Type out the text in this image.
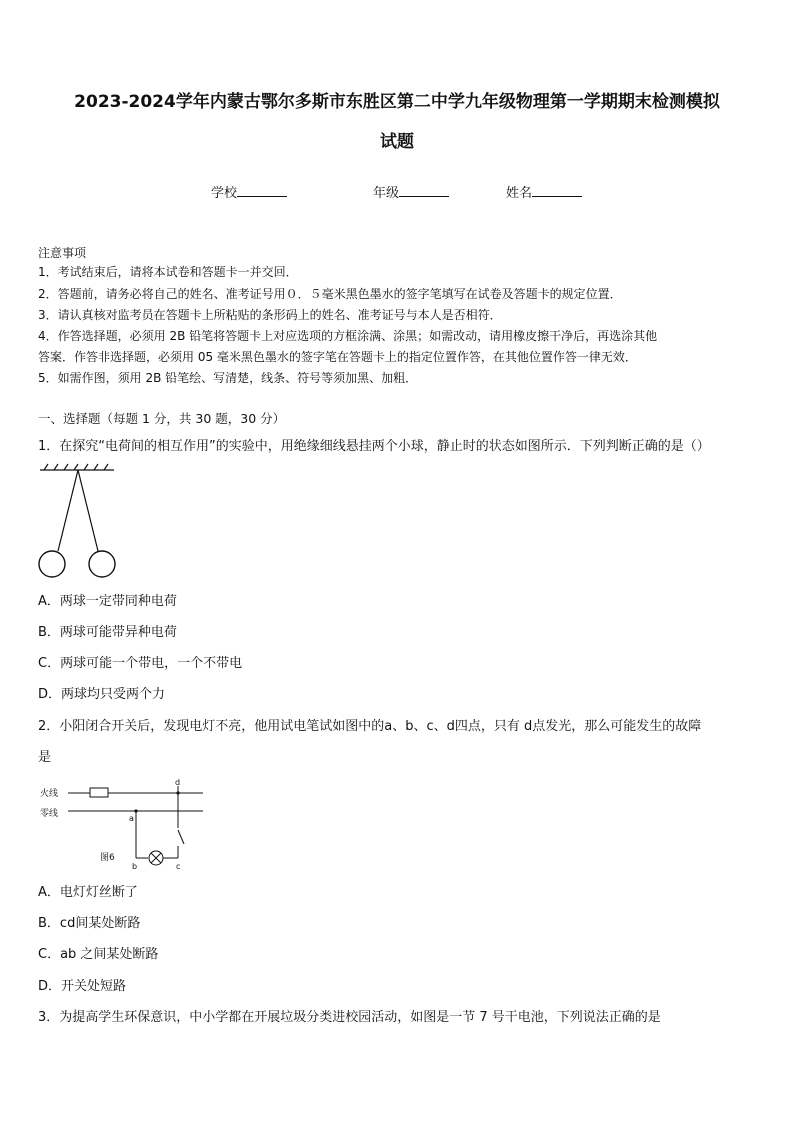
2023-2024学年内蒙古鄂尔多斯市东胜区第二中学九年级物理第一学期期末检测模拟
试题
学校	年级	姓名
注意事项
1．考试结束后，请将本试卷和答题卡一并交回．
2．答题前，请务必将自己的姓名、准考证号用０．５毫米黑色墨水的签字笔填写在试卷及答题卡的规定位置．
3．请认真核对监考员在答题卡上所粘贴的条形码上的姓名、准考证号与本人是否相符．
4．作答选择题，必须用 2B 铅笔将答题卡上对应选项的方框涂满、涂黑；如需改动，请用橡皮擦干净后，再选涂其他
答案．作答非选择题，必须用 05 毫米黑色墨水的签字笔在答题卡上的指定位置作答，在其他位置作答一律无效．
5．如需作图，须用 2B 铅笔绘、写清楚，线条、符号等须加黑、加粗．
一、选择题（每题 1 分，共 30 题，30 分）
1．在探究“电荷间的相互作用”的实验中，用绝缘细线悬挂两个小球，静止时的状态如图所示．下列判断正确的是（）
A．两球一定带同种电荷
B．两球可能带异种电荷
C．两球可能一个带电，一个不带电
D．两球均只受两个力
2．小阳闭合开关后，发现电灯不亮，他用试电笔试如图中的a、b、c、d四点，只有 d点发光，那么可能发生的故障
是
火线
零线
d
a
b	c
图6
A．电灯灯丝断了
B．cd间某处断路
C．ab 之间某处断路
D．开关处短路
3．为提高学生环保意识，中小学都在开展垃圾分类进校园活动，如图是一节 7 号干电池，下列说法正确的是
